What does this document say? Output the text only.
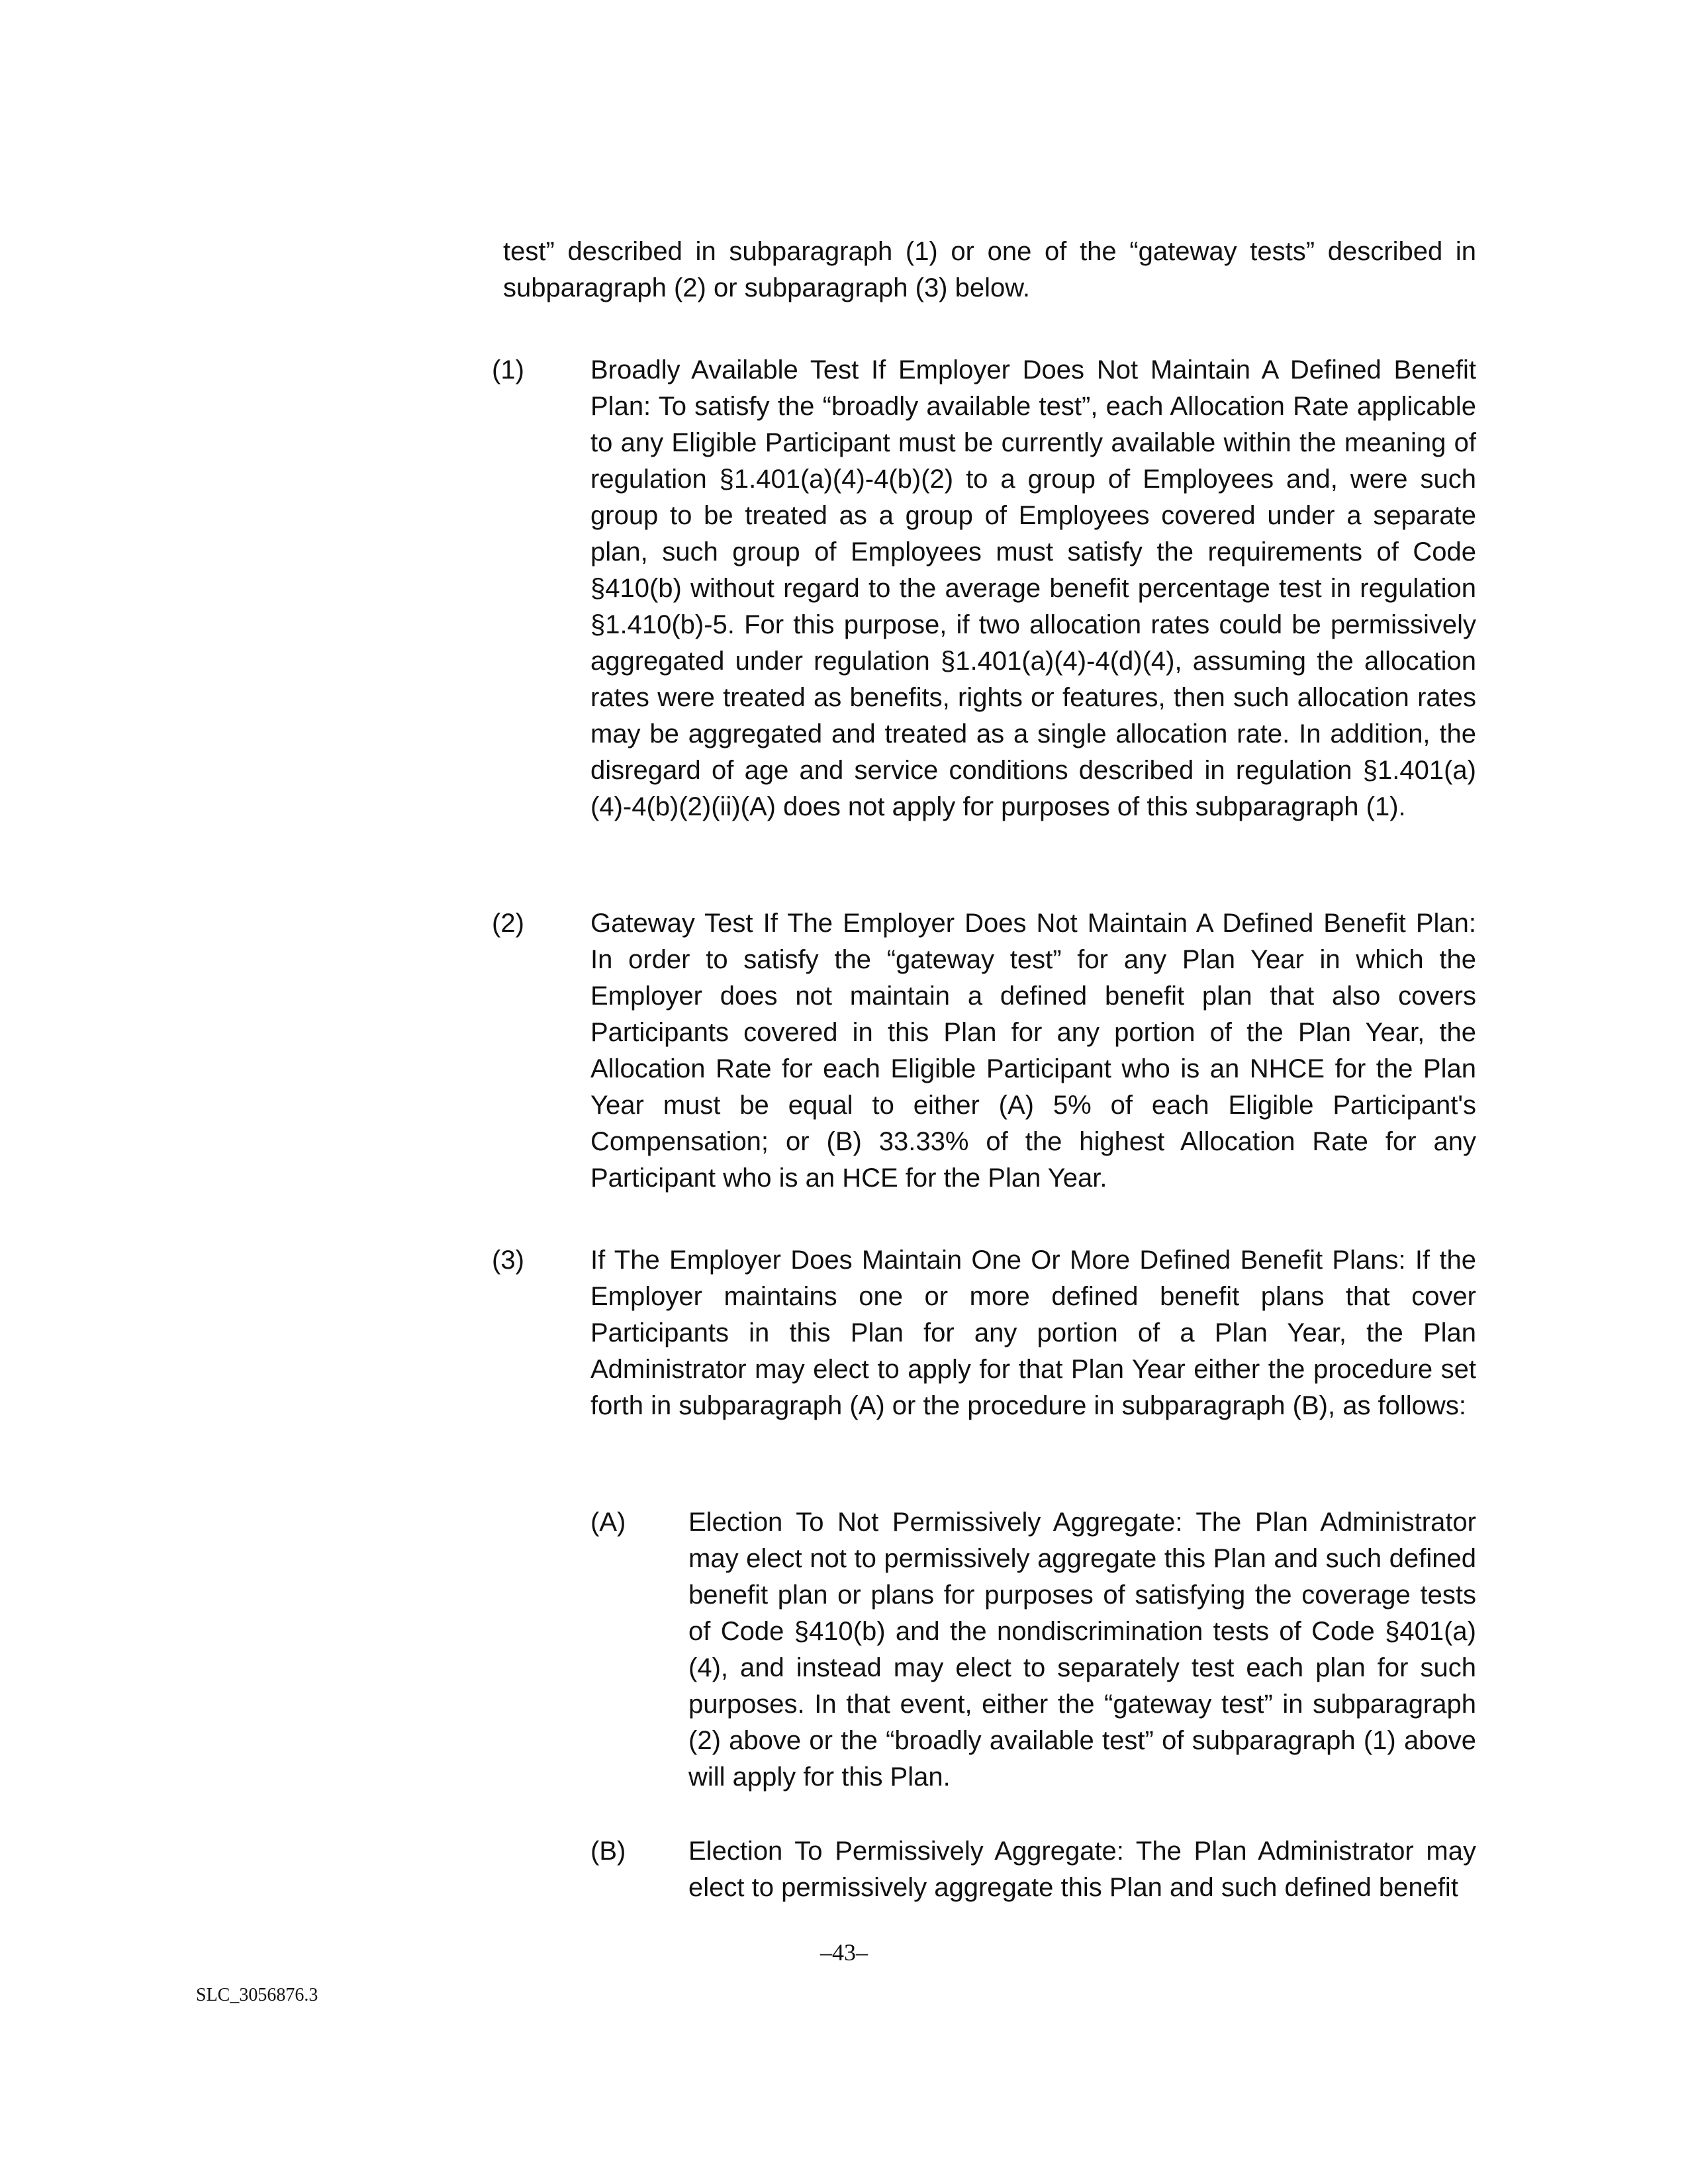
test” described in subparagraph (1) or one of the “gateway tests” described in subparagraph (2) or subparagraph (3) below.
(1)	Broadly Available Test If Employer Does Not Maintain A Defined Benefit Plan: To satisfy the “broadly available test”, each Allocation Rate applicable to any Eligible Participant must be currently available within the meaning of regulation §1.401(a)(4)-4(b)(2) to a group of Employees and, were such group to be treated as a group of Employees covered under a separate plan, such group of Employees must satisfy the requirements of Code §410(b) without regard to the average benefit percentage test in regulation §1.410(b)-5. For this purpose, if two allocation rates could be permissively aggregated under regulation §1.401(a)(4)-4(d)(4), assuming the allocation rates were treated as benefits, rights or features, then such allocation rates may be aggregated and treated as a single allocation rate. In addition, the disregard of age and service conditions described in regulation §1.401(a)(4)-4(b)(2)(ii)(A) does not apply for purposes of this subparagraph (1).
(2)	Gateway Test If The Employer Does Not Maintain A Defined Benefit Plan: In order to satisfy the “gateway test” for any Plan Year in which the Employer does not maintain a defined benefit plan that also covers Participants covered in this Plan for any portion of the Plan Year, the Allocation Rate for each Eligible Participant who is an NHCE for the Plan Year must be equal to either (A) 5% of each Eligible Participant's Compensation; or (B) 33.33% of the highest Allocation Rate for any Participant who is an HCE for the Plan Year.
(3)	If The Employer Does Maintain One Or More Defined Benefit Plans: If the Employer maintains one or more defined benefit plans that cover Participants in this Plan for any portion of a Plan Year, the Plan Administrator may elect to apply for that Plan Year either the procedure set forth in subparagraph (A) or the procedure in subparagraph (B), as follows:
(A) Election To Not Permissively Aggregate: The Plan Administrator may elect not to permissively aggregate this Plan and such defined benefit plan or plans for purposes of satisfying the coverage tests of Code §410(b) and the nondiscrimination tests of Code §401(a)(4), and instead may elect to separately test each plan for such purposes. In that event, either the “gateway test” in subparagraph (2) above or the “broadly available test” of subparagraph (1) above will apply for this Plan.
(B) Election To Permissively Aggregate: The Plan Administrator may elect to permissively aggregate this Plan and such defined benefit
–43–
SLC_3056876.3
